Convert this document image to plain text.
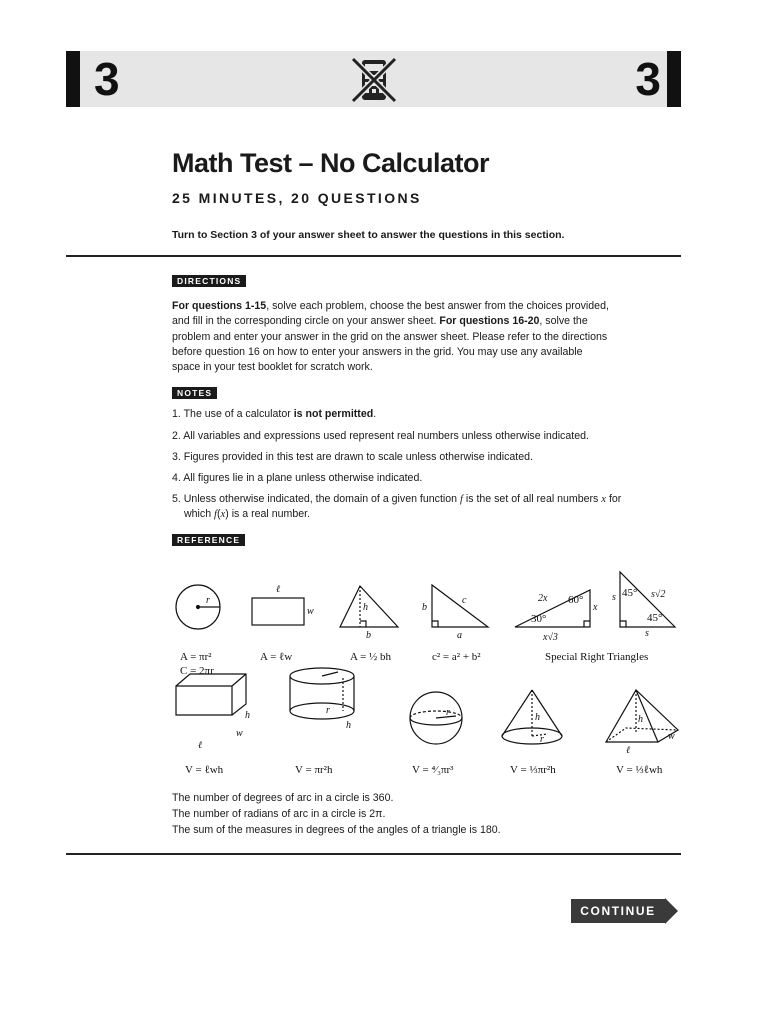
3	3
Math Test – No Calculator
25 MINUTES, 20 QUESTIONS
Turn to Section 3 of your answer sheet to answer the questions in this section.
DIRECTIONS
For questions 1-15, solve each problem, choose the best answer from the choices provided, and fill in the corresponding circle on your answer sheet. For questions 16-20, solve the problem and enter your answer in the grid on the answer sheet. Please refer to the directions before question 16 on how to enter your answers in the grid. You may use any available space in your test booklet for scratch work.
NOTES
1. The use of a calculator is not permitted.
2. All variables and expressions used represent real numbers unless otherwise indicated.
3. Figures provided in this test are drawn to scale unless otherwise indicated.
4. All figures lie in a plane unless otherwise indicated.
5. Unless otherwise indicated, the domain of a given function f is the set of all real numbers x for
which f(x) is a real number.
REFERENCE
r
ℓ
w	h
b
b
c
a
2x 60°
30°
x
x√3
45°
45°
s	s√2
s
h
w
ℓ
r
h
r	h
r
h
ℓ
w
A = πr²
C = 2πr
A = ℓw	A = ½ bh	c² = a² + b²	Special Right Triangles
V = ℓwh	V = πr²h	V = ⁴⁄₃πr³	V = ⅓πr²h	V = ⅓ℓwh
The number of degrees of arc in a circle is 360.
The number of radians of arc in a circle is 2π.
The sum of the measures in degrees of the angles of a triangle is 180.
CONTINUE
